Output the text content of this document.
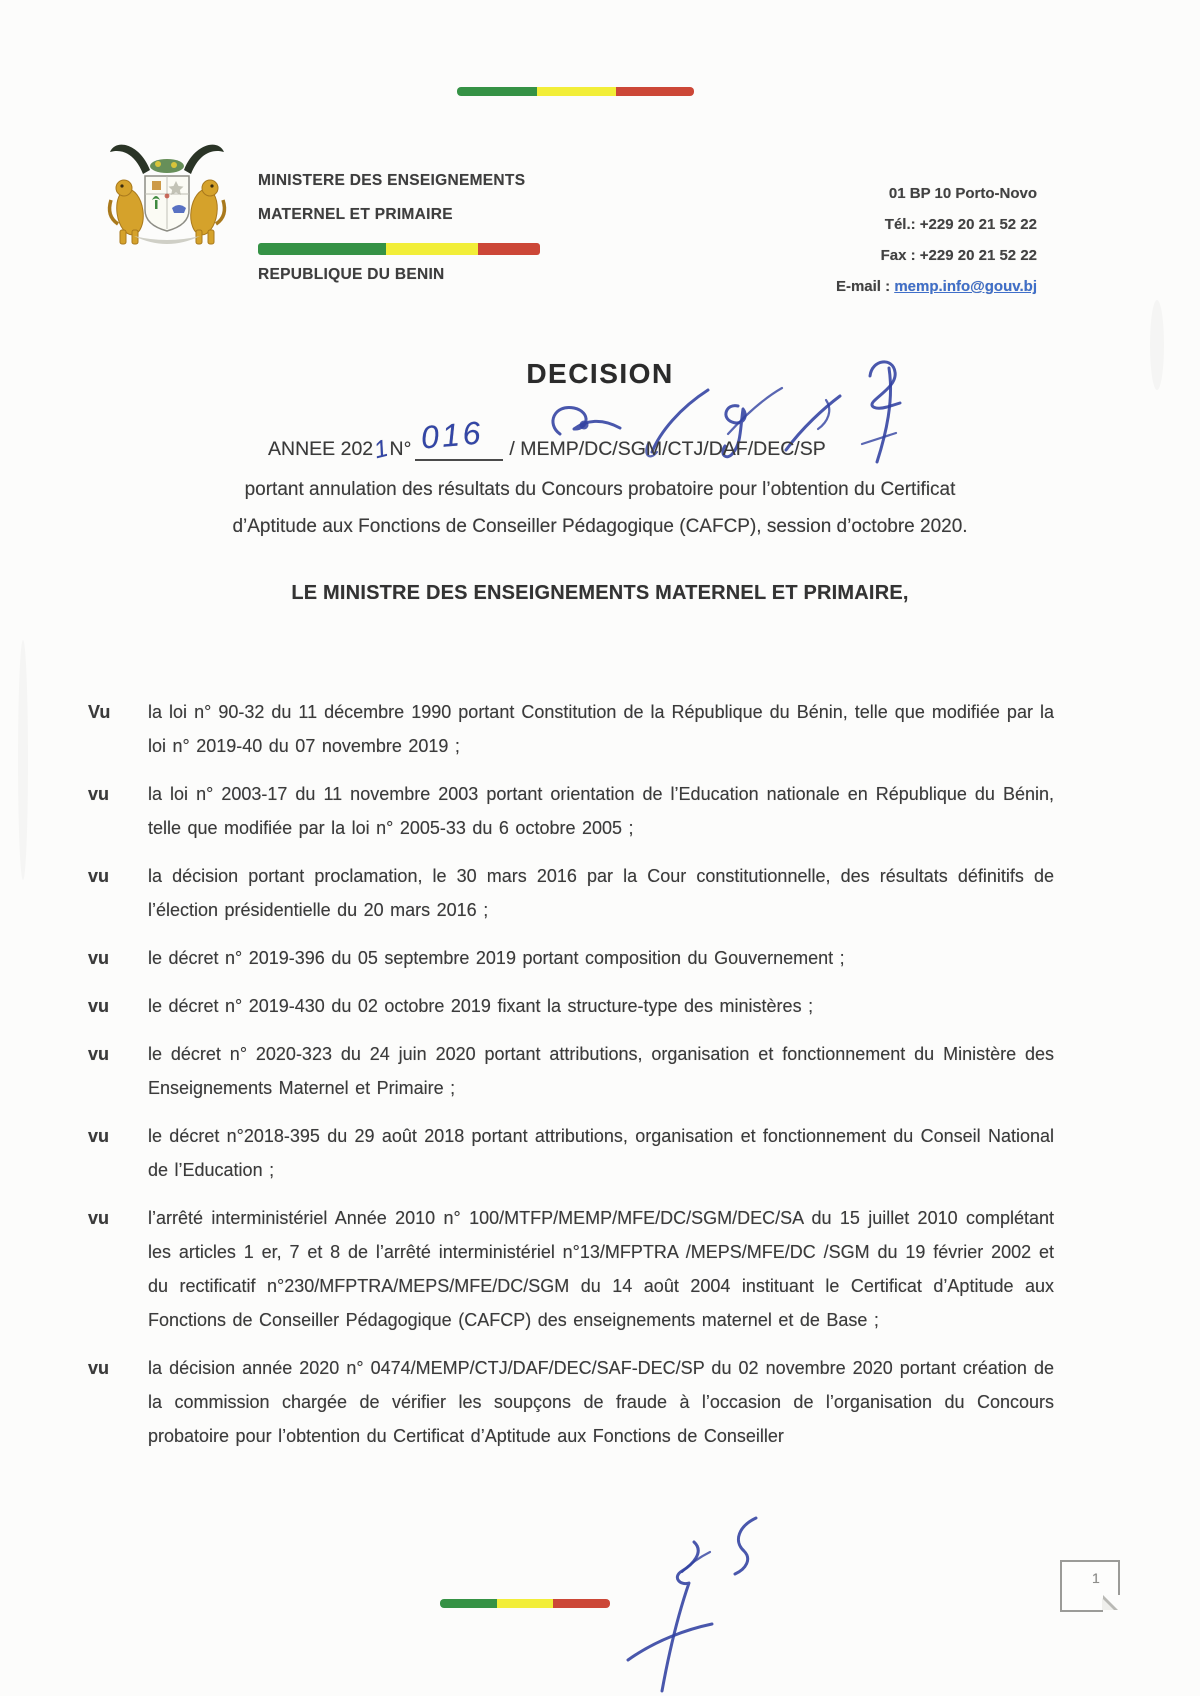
MINISTERE DES ENSEIGNEMENTS
MATERNEL ET PRIMAIRE
REPUBLIQUE DU BENIN
01 BP 10 Porto-Novo
Tél.: +229 20 21 52 22
Fax : +229 20 21 52 22
E-mail : memp.info@gouv.bj
DECISION
ANNEE 2021N° 016 / MEMP/DC/SGM/CTJ/DAF/DEC/SP
portant annulation des résultats du Concours probatoire pour l’obtention du Certificat
d’Aptitude aux Fonctions de Conseiller Pédagogique (CAFCP), session d’octobre 2020.
LE MINISTRE DES ENSEIGNEMENTS MATERNEL ET PRIMAIRE,
Vu	la loi n° 90-32 du 11 décembre 1990 portant Constitution de la République du Bénin, telle que modifiée par la loi n° 2019-40 du 07 novembre 2019 ;
vu	la loi n° 2003-17 du 11 novembre 2003 portant orientation de l’Education nationale en République du Bénin, telle que modifiée par la loi n° 2005-33 du 6 octobre 2005 ;
vu	la décision portant proclamation, le 30 mars 2016 par la Cour constitutionnelle, des résultats définitifs de l’élection présidentielle du 20 mars 2016 ;
vu	le décret n° 2019-396 du 05 septembre 2019 portant composition du Gouvernement ;
vu	le décret n° 2019-430 du 02 octobre 2019 fixant la structure-type des ministères ;
vu	le décret n° 2020-323 du 24 juin 2020 portant attributions, organisation et fonctionnement du Ministère des Enseignements Maternel et Primaire ;
vu	le décret n°2018-395 du 29 août 2018 portant attributions, organisation et fonctionnement du Conseil National de l’Education ;
vu	l’arrêté interministériel Année 2010 n° 100/MTFP/MEMP/MFE/DC/SGM/DEC/SA du 15 juillet 2010 complétant les articles 1 er, 7 et 8 de l’arrêté interministériel n°13/MFPTRA /MEPS/MFE/DC /SGM du 19 février 2002 et du rectificatif n°230/MFPTRA/MEPS/MFE/DC/SGM du 14 août 2004 instituant le Certificat d’Aptitude aux Fonctions de Conseiller Pédagogique (CAFCP) des enseignements maternel et de Base ;
vu	la décision année 2020 n° 0474/MEMP/CTJ/DAF/DEC/SAF-DEC/SP du 02 novembre 2020 portant création de la commission chargée de vérifier les soupçons de fraude à l’occasion de l’organisation du Concours probatoire pour l’obtention du Certificat d’Aptitude aux Fonctions de Conseiller
1
